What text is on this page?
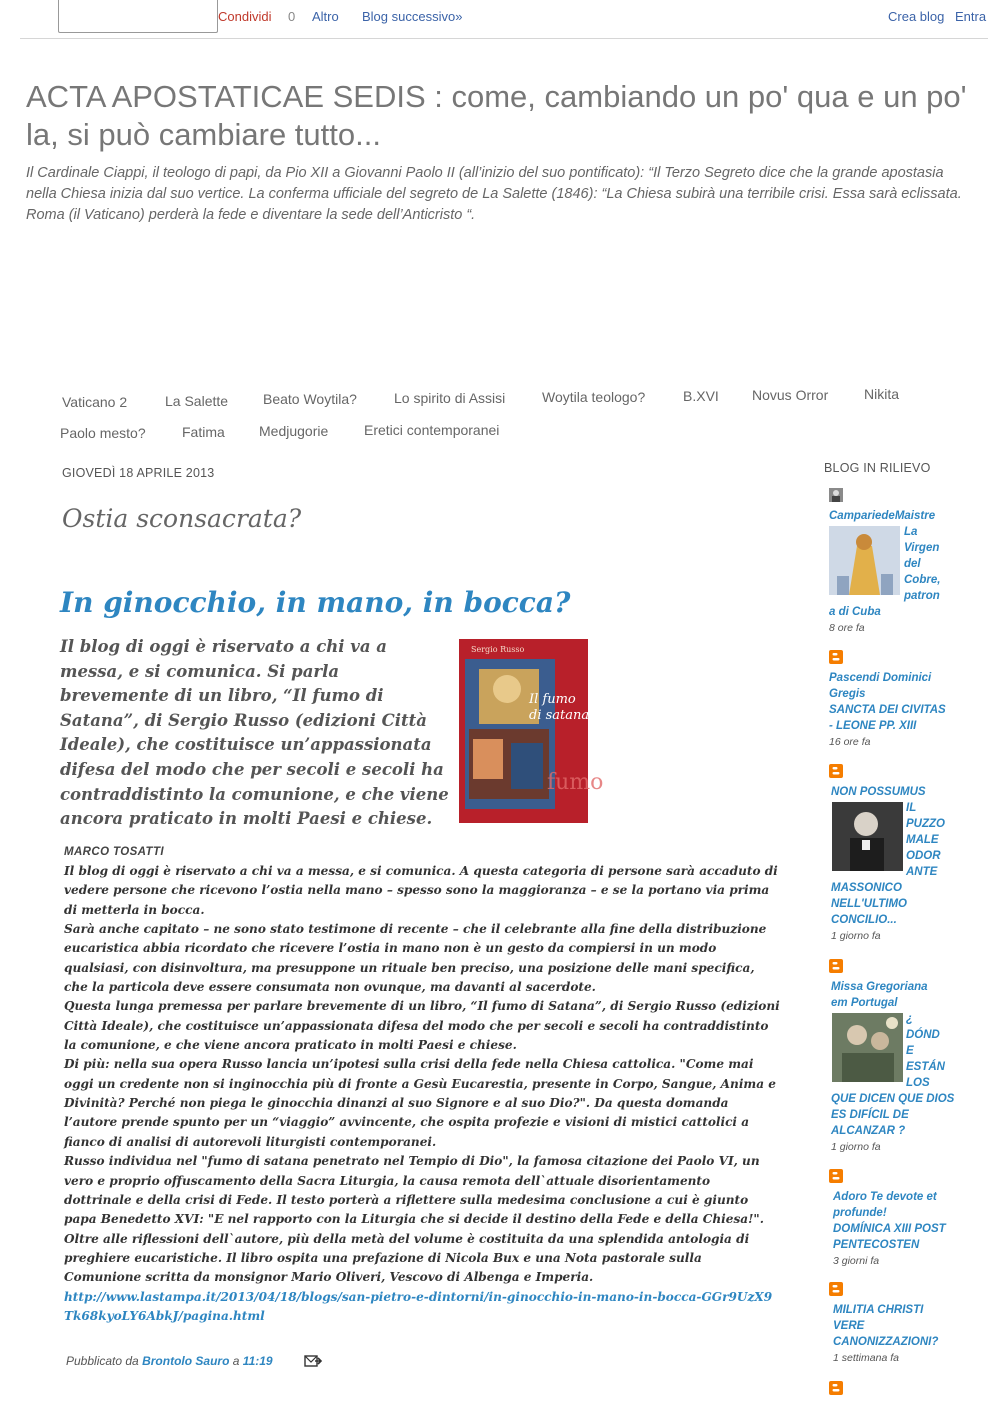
Condividi 0 Altro Blog successivo»	Crea blog Entra
ACTA APOSTATICAE SEDIS : come, cambiando un po' qua e un po' la, si può cambiare tutto...
Il Cardinale Ciappi, il teologo di papi, da Pio XII a Giovanni Paolo II (all’inizio del suo pontificato): “Il Terzo Segreto dice che la grande apostasia nella Chiesa inizia dal suo vertice. La conferma ufficiale del segreto de La Salette (1846): “La Chiesa subirà una terribile crisi. Essa sarà eclissata. Roma (il Vaticano) perderà la fede e diventare la sede dell’Anticristo “.
Vaticano 2	La Salette Beato Woytila?	Lo spirito di Assisi	Woytila teologo?	B.XVI Novus Orror	Nikita
Paolo mesto?	Fatima Medjugorie	Eretici contemporanei
GIOVEDÌ 18 APRILE 2013
Ostia sconsacrata?
In ginocchio, in mano, in bocca?
Il blog di oggi è riservato a chi va a messa, e si comunica. Si parla brevemente di un libro, “Il fumo di Satana”, di Sergio Russo (edizioni Città Ideale), che costituisce un’appassionata difesa del modo che per secoli e secoli ha contraddistinto la comunione, e che viene ancora praticato in molti Paesi e chiese.
Sergio Russo
Il fumo
di satana
fumo
MARCO TOSATTI
Il blog di oggi è riservato a chi va a messa, e si comunica. A questa categoria di persone sarà accaduto di vedere persone che ricevono l’ostia nella mano – spesso sono la maggioranza – e se la portano via prima di metterla in bocca.
Sarà anche capitato – ne sono stato testimone di recente – che il celebrante alla fine della distribuzione eucaristica abbia ricordato che ricevere l’ostia in mano non è un gesto da compiersi in un modo qualsiasi, con disinvoltura, ma presuppone un rituale ben preciso, una posizione delle mani specifica, che la particola deve essere consumata non ovunque, ma davanti al sacerdote.
Questa lunga premessa per parlare brevemente di un libro, “Il fumo di Satana”, di Sergio Russo (edizioni Città Ideale), che costituisce un’appassionata difesa del modo che per secoli e secoli ha contraddistinto la comunione, e che viene ancora praticato in molti Paesi e chiese.
Di più: nella sua opera Russo lancia un’ipotesi sulla crisi della fede nella Chiesa cattolica. "Come mai oggi un credente non si inginocchia più di fronte a Gesù Eucarestia, presente in Corpo, Sangue, Anima e Divinità? Perché non piega le ginocchia dinanzi al suo Signore e al suo Dio?". Da questa domanda l’autore prende spunto per un “viaggio” avvincente, che ospita profezie e visioni di mistici cattolici a fianco di analisi di autorevoli liturgisti contemporanei.
Russo individua nel "fumo di satana penetrato nel Tempio di Dio", la famosa citazione dei Paolo VI, un vero e proprio offuscamento della Sacra Liturgia, la causa remota dell`attuale disorientamento dottrinale e della crisi di Fede. Il testo porterà a riflettere sulla medesima conclusione a cui è giunto papa Benedetto XVI: "E nel rapporto con la Liturgia che si decide il destino della Fede e della Chiesa!". Oltre alle riflessioni dell`autore, più della metà del volume è costituita da una splendida antologia di preghiere eucaristiche. Il libro ospita una prefazione di Nicola Bux e una Nota pastorale sulla Comunione scritta da monsignor Mario Oliveri, Vescovo di Albenga e Imperia.
http://www.lastampa.it/2013/04/18/blogs/san-pietro-e-dintorni/in-ginocchio-in-mano-in-bocca-GGr9UzX9Tk68kyoLY6AbkJ/pagina.html
Pubblicato da Brontolo Sauro a 11:19
BLOG IN RILIEVO
CampariedeMaistre
La
Virgen
del
Cobre,
patron
a di Cuba
8 ore fa
Pascendi Dominici
Gregis
SANCTA DEI CIVITAS
- LEONE PP. XIII
16 ore fa
NON POSSUMUS
IL
PUZZO
MALE
ODOR
ANTE
MASSONICO
NELL'ULTIMO
CONCILIO...
1 giorno fa
Missa Gregoriana
em Portugal
¿
DÓND
E
ESTÁN
LOS
QUE DICEN QUE DIOS
ES DIFÍCIL DE
ALCANZAR ?
1 giorno fa
Adoro Te devote et
profunde!
DOMÍNICA XIII POST
PENTECOSTEN
3 giorni fa
MILITIA CHRISTI
VERE
CANONIZZAZIONI?
1 settimana fa
